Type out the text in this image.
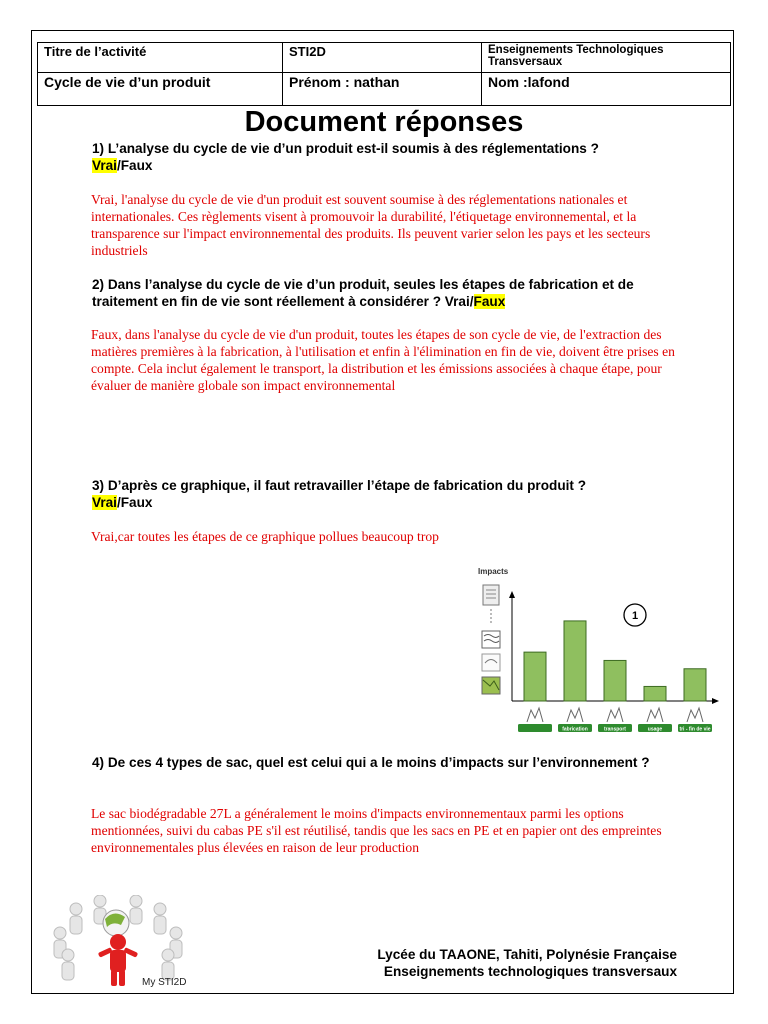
Titre de l’activité	STI2D	Enseignements Technologiques Transversaux
Cycle de vie d’un produit	Prénom : nathan	Nom :lafond
Document réponses
1) L’analyse du cycle de vie d’un produit est-il soumis à des réglementations ?
Vrai/Faux
Vrai, l'analyse du cycle de vie d'un produit est souvent soumise à des réglementations nationales et internationales. Ces règlements visent à promouvoir la durabilité, l'étiquetage environnemental, et la transparence sur l'impact environnemental des produits. Ils peuvent varier selon les pays et les secteurs industriels
2) Dans l’analyse du cycle de vie d’un produit, seules les étapes de fabrication et de traitement en fin de vie sont réellement à considérer ? Vrai/Faux
Faux, dans l'analyse du cycle de vie d'un produit, toutes les étapes de son cycle de vie, de l'extraction des matières premières à la fabrication, à l'utilisation et enfin à l'élimination en fin de vie, doivent être prises en compte. Cela inclut également le transport, la distribution et les émissions associées à chaque étape, pour évaluer de manière globale son impact environnemental
3) D’après ce graphique, il faut retravailler l’étape de fabrication du produit ?
Vrai/Faux
Vrai,car toutes les étapes de ce graphique pollues beaucoup trop
Impacts
fabrication	transport	usage	tri - fin de vie
1
4) De ces 4 types de sac, quel est celui qui a le moins d’impacts sur l’environnement ?
Le sac biodégradable 27L a généralement le moins d'impacts environnementaux parmi les options mentionnées, suivi du cabas PE s'il est réutilisé, tandis que les sacs en PE et en papier ont des empreintes environnementales plus élevées en raison de leur production
My STI2D
Lycée du TAAONE, Tahiti, Polynésie Française
Enseignements technologiques transversaux
